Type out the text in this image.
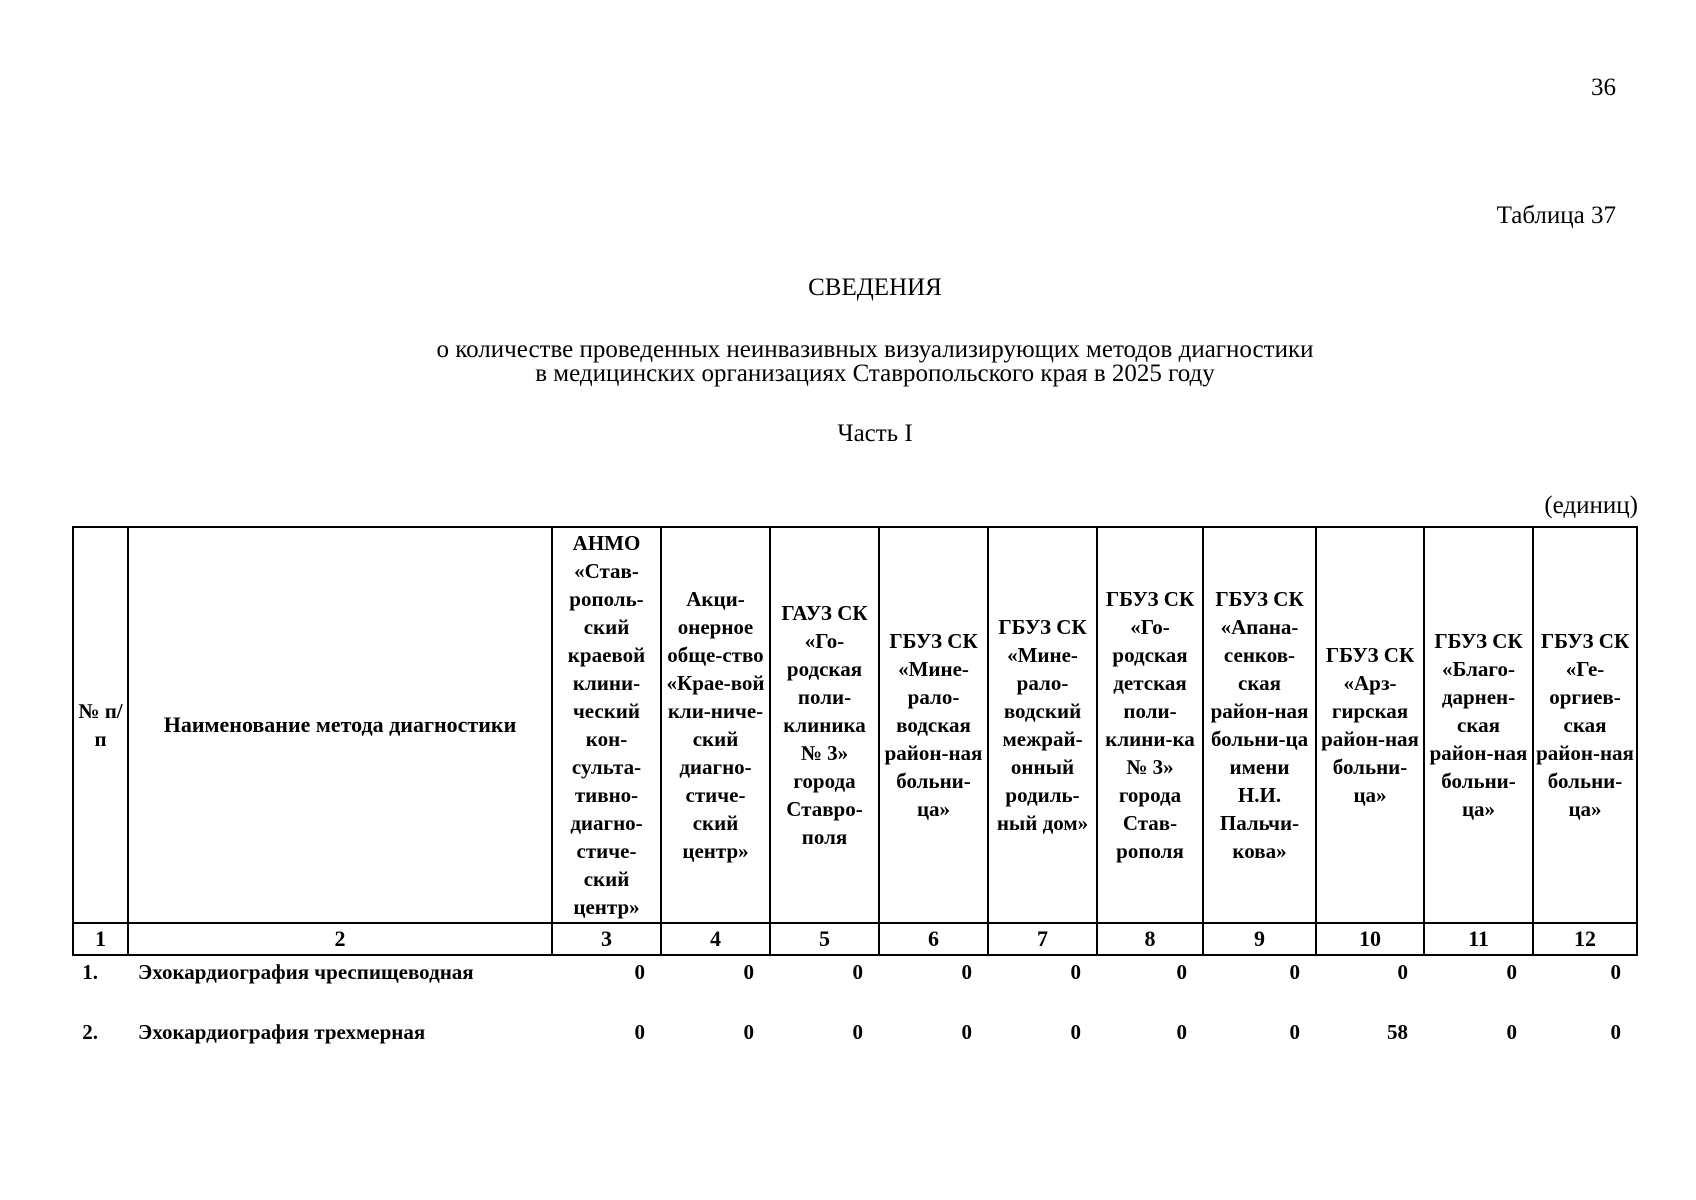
36
Таблица 37
СВЕДЕНИЯ
о количестве проведенных неинвазивных визуализирующих методов диагностики
в медицинских организациях Ставропольского края в 2025 году
Часть I
(единиц)
№ п/п	Наименование метода диагностики	АНМО «Став-рополь-ский краевой клини-ческий кон-сульта-тивно-диагно-стиче-ский центр»	Акци-онерное обще-ство «Крае-вой кли-ниче-ский диагно-стиче-ский центр»	ГАУЗ СК «Го-родская поли-клиника № 3» города Ставро-поля	ГБУЗ СК «Мине-рало-водская район-ная больни-ца»	ГБУЗ СК «Мине-рало-водский межрай-онный родиль-ный дом»	ГБУЗ СК «Го-родская детская поли-клини-ка № 3» города Став-рополя	ГБУЗ СК «Апана-сенков-ская район-ная больни-ца имени Н.И. Пальчи-кова»	ГБУЗ СК «Арз-гирская район-ная больни-ца»	ГБУЗ СК «Благо-дарнен-ская район-ная больни-ца»	ГБУЗ СК «Ге-оргиев-ская район-ная больни-ца»

1	2	3	4	5	6	7	8	9	10	11	12
1.	Эхокардиография чреспищеводная	0	0	0	0	0	0	0	0	0	0
2.	Эхокардиография трехмерная	0	0	0	0	0	0	0	58	0	0
